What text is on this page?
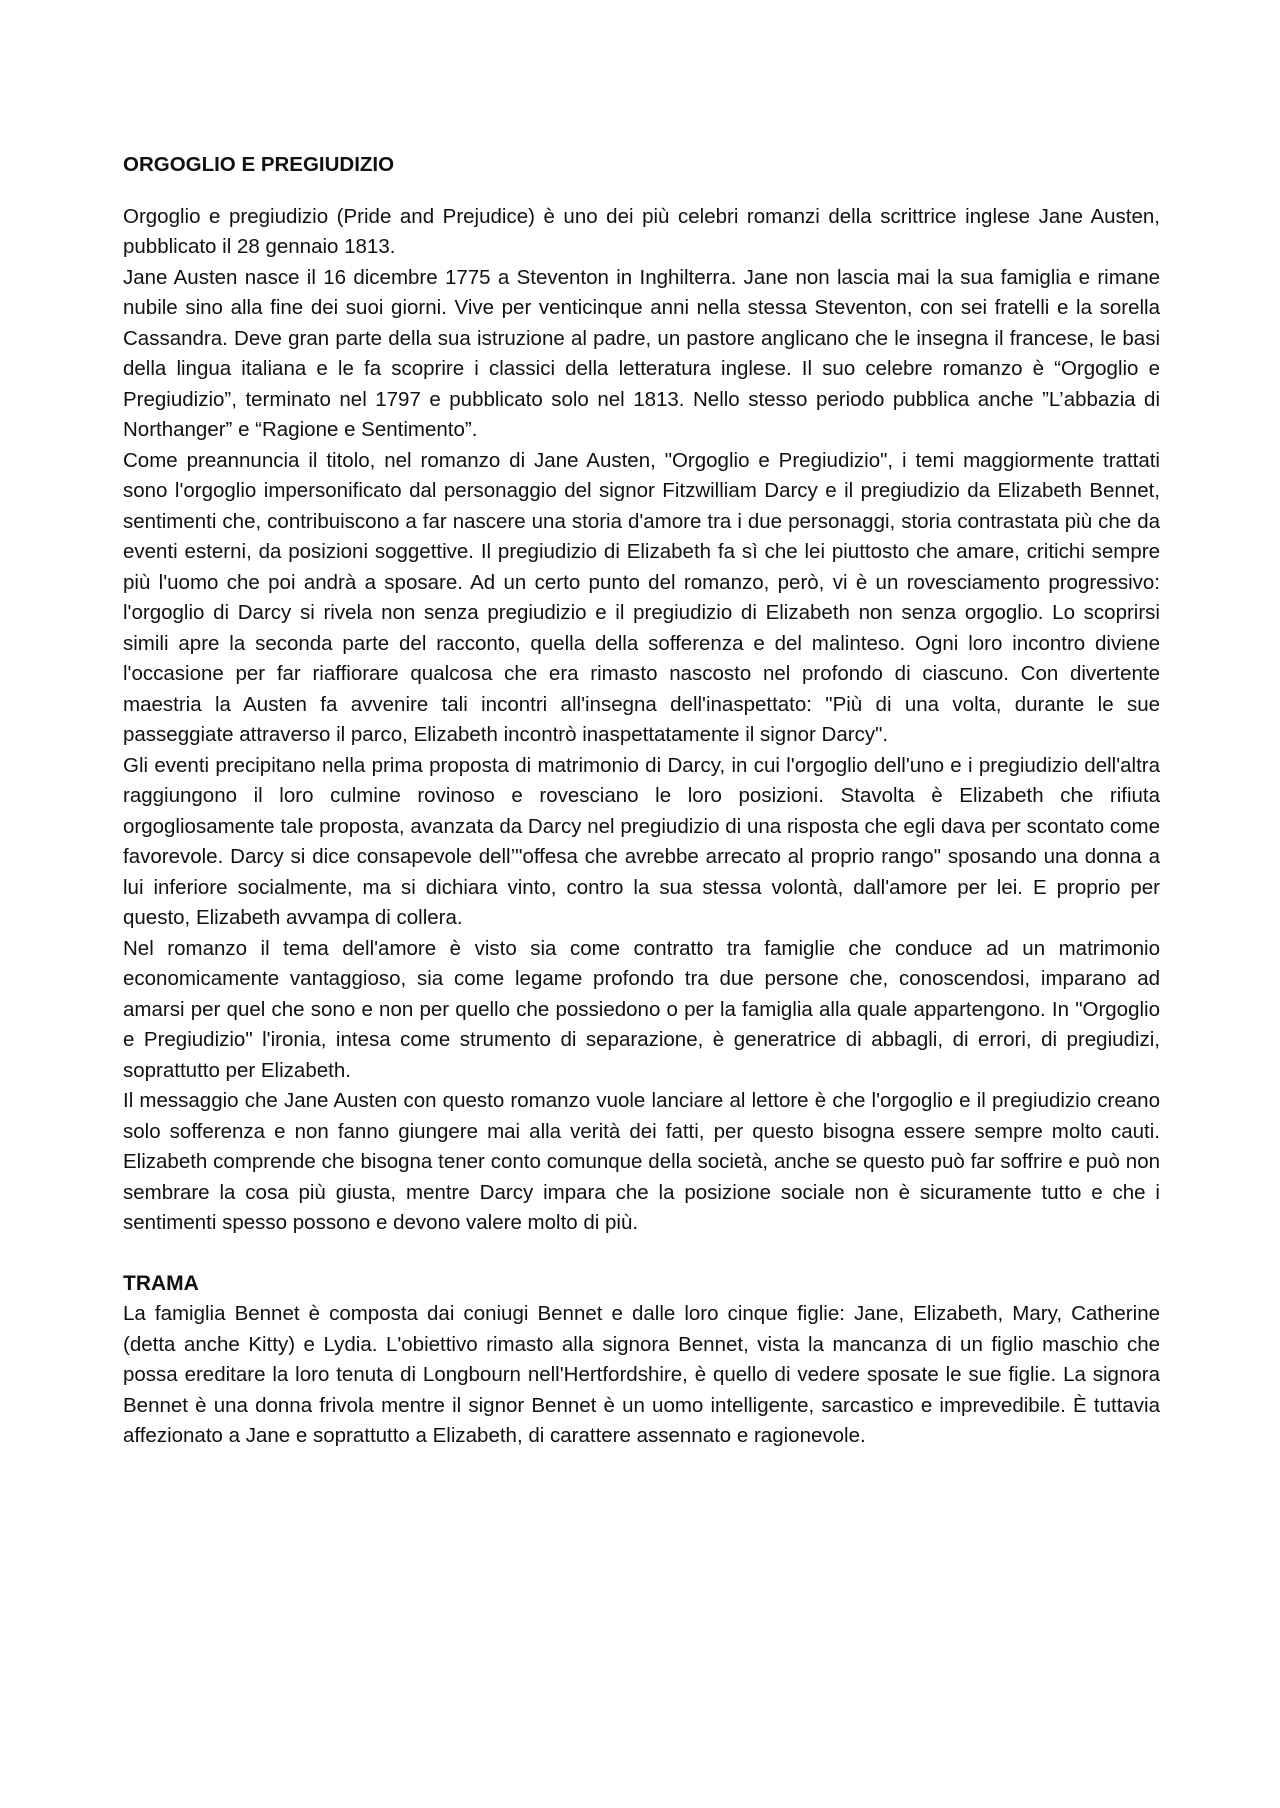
ORGOGLIO E PREGIUDIZIO

Orgoglio e pregiudizio (Pride and Prejudice) è uno dei più celebri romanzi della scrittrice inglese Jane Austen, pubblicato il 28 gennaio 1813.

Jane Austen nasce il 16 dicembre 1775 a Steventon in Inghilterra. Jane non lascia mai la sua famiglia e rimane nubile sino alla fine dei suoi giorni. Vive per venticinque anni nella stessa Steventon, con sei fratelli e la sorella Cassandra. Deve gran parte della sua istruzione al padre, un pastore anglicano che le insegna il francese, le basi della lingua italiana e le fa scoprire i classici della letteratura inglese. Il suo celebre romanzo è “Orgoglio e Pregiudizio”, terminato nel 1797 e pubblicato solo nel 1813. Nello stesso periodo pubblica anche ”L’abbazia di Northanger” e “Ragione e Sentimento”.

Come preannuncia il titolo, nel romanzo di Jane Austen, "Orgoglio e Pregiudizio", i temi maggiormente trattati sono l'orgoglio impersonificato dal personaggio del signor Fitzwilliam Darcy e il pregiudizio da Elizabeth Bennet, sentimenti che, contribuiscono a far nascere una storia d'amore tra i due personaggi, storia contrastata più che da eventi esterni, da posizioni soggettive. Il pregiudizio di Elizabeth fa sì che lei piuttosto che amare, critichi sempre più l'uomo che poi andrà a sposare. Ad un certo punto del romanzo, però, vi è un rovesciamento progressivo: l'orgoglio di Darcy si rivela non senza pregiudizio e il pregiudizio di Elizabeth non senza orgoglio. Lo scoprirsi simili apre la seconda parte del racconto, quella della sofferenza e del malinteso. Ogni loro incontro diviene l'occasione per far riaffiorare qualcosa che era rimasto nascosto nel profondo di ciascuno. Con divertente maestria la Austen fa avvenire tali incontri all'insegna dell'inaspettato: "Più di una volta, durante le sue passeggiate attraverso il parco, Elizabeth incontrò inaspettatamente il signor Darcy".

Gli eventi precipitano nella prima proposta di matrimonio di Darcy, in cui l'orgoglio dell'uno e i pregiudizio dell'altra raggiungono il loro culmine rovinoso e rovesciano le loro posizioni. Stavolta è Elizabeth che rifiuta orgogliosamente tale proposta, avanzata da Darcy nel pregiudizio di una risposta che egli dava per scontato come favorevole. Darcy si dice consapevole dell’"offesa che avrebbe arrecato al proprio rango" sposando una donna a lui inferiore socialmente, ma si dichiara vinto, contro la sua stessa volontà, dall'amore per lei. E proprio per questo, Elizabeth avvampa di collera.

Nel romanzo il tema dell'amore è visto sia come contratto tra famiglie che conduce ad un matrimonio economicamente vantaggioso, sia come legame profondo tra due persone che, conoscendosi, imparano ad amarsi per quel che sono e non per quello che possiedono o per la famiglia alla quale appartengono. In "Orgoglio e Pregiudizio" l'ironia, intesa come strumento di separazione, è generatrice di abbagli, di errori, di pregiudizi, soprattutto per Elizabeth.

Il messaggio che Jane Austen con questo romanzo vuole lanciare al lettore è che l'orgoglio e il pregiudizio creano solo sofferenza e non fanno giungere mai alla verità dei fatti, per questo bisogna essere sempre molto cauti. Elizabeth comprende che bisogna tener conto comunque della società, anche se questo può far soffrire e può non sembrare la cosa più giusta, mentre Darcy impara che la posizione sociale non è sicuramente tutto e che i sentimenti spesso possono e devono valere molto di più.

TRAMA

La famiglia Bennet è composta dai coniugi Bennet e dalle loro cinque figlie: Jane, Elizabeth, Mary, Catherine (detta anche Kitty) e Lydia. L'obiettivo rimasto alla signora Bennet, vista la mancanza di un figlio maschio che possa ereditare la loro tenuta di Longbourn nell'Hertfordshire, è quello di vedere sposate le sue figlie. La signora Bennet è una donna frivola mentre il signor Bennet è un uomo intelligente, sarcastico e imprevedibile. È tuttavia affezionato a Jane e soprattutto a Elizabeth, di carattere assennato e ragionevole.
